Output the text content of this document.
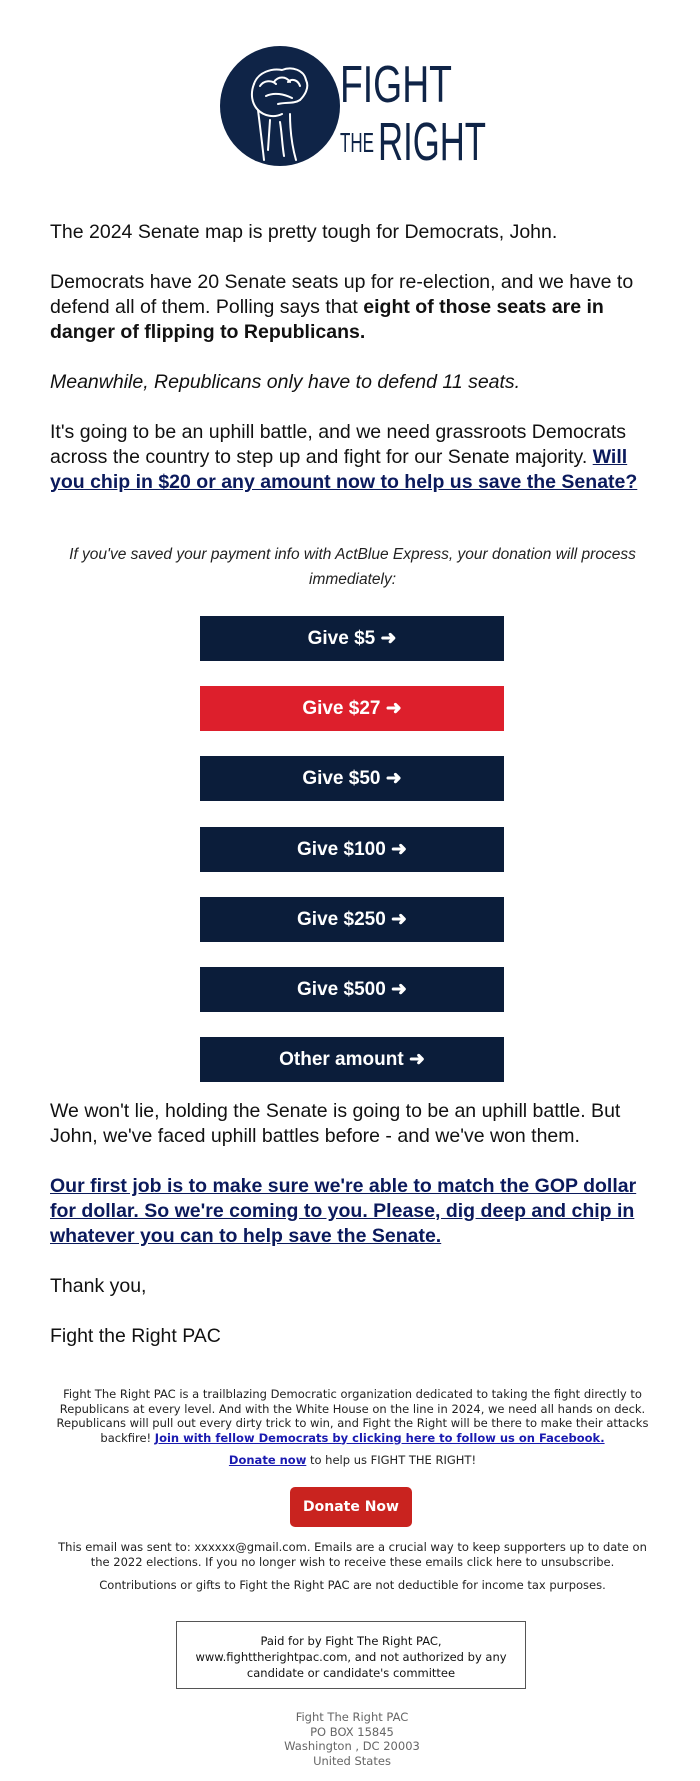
FIGHT
THE RIGHT
The 2024 Senate map is pretty tough for Democrats, John.
Democrats have 20 Senate seats up for re-election, and we have to defend all of them. Polling says that eight of those seats are in danger of flipping to Republicans.
Meanwhile, Republicans only have to defend 11 seats.
It's going to be an uphill battle, and we need grassroots Democrats across the country to step up and fight for our Senate majority. Will you chip in $20 or any amount now to help us save the Senate?
If you've saved your payment info with ActBlue Express, your donation will process immediately:
Give $5 ➜
Give $27 ➜
Give $50 ➜
Give $100 ➜
Give $250 ➜
Give $500 ➜
Other amount ➜
We won't lie, holding the Senate is going to be an uphill battle. But John, we've faced uphill battles before - and we've won them.
Our first job is to make sure we're able to match the GOP dollar for dollar. So we're coming to you. Please, dig deep and chip in whatever you can to help save the Senate.
Thank you,
Fight the Right PAC
Fight The Right PAC is a trailblazing Democratic organization dedicated to taking the fight directly to Republicans at every level. And with the White House on the line in 2024, we need all hands on deck. Republicans will pull out every dirty trick to win, and Fight the Right will be there to make their attacks backfire! Join with fellow Democrats by clicking here to follow us on Facebook.
Donate now to help us FIGHT THE RIGHT!
Donate Now
This email was sent to: xxxxxx@gmail.com. Emails are a crucial way to keep supporters up to date on the 2022 elections. If you no longer wish to receive these emails click here to unsubscribe.
Contributions or gifts to Fight the Right PAC are not deductible for income tax purposes.
Paid for by Fight The Right PAC, www.fighttherightpac.com, and not authorized by any candidate or candidate's committee
Fight The Right PAC
PO BOX 15845
Washington , DC 20003
United States
